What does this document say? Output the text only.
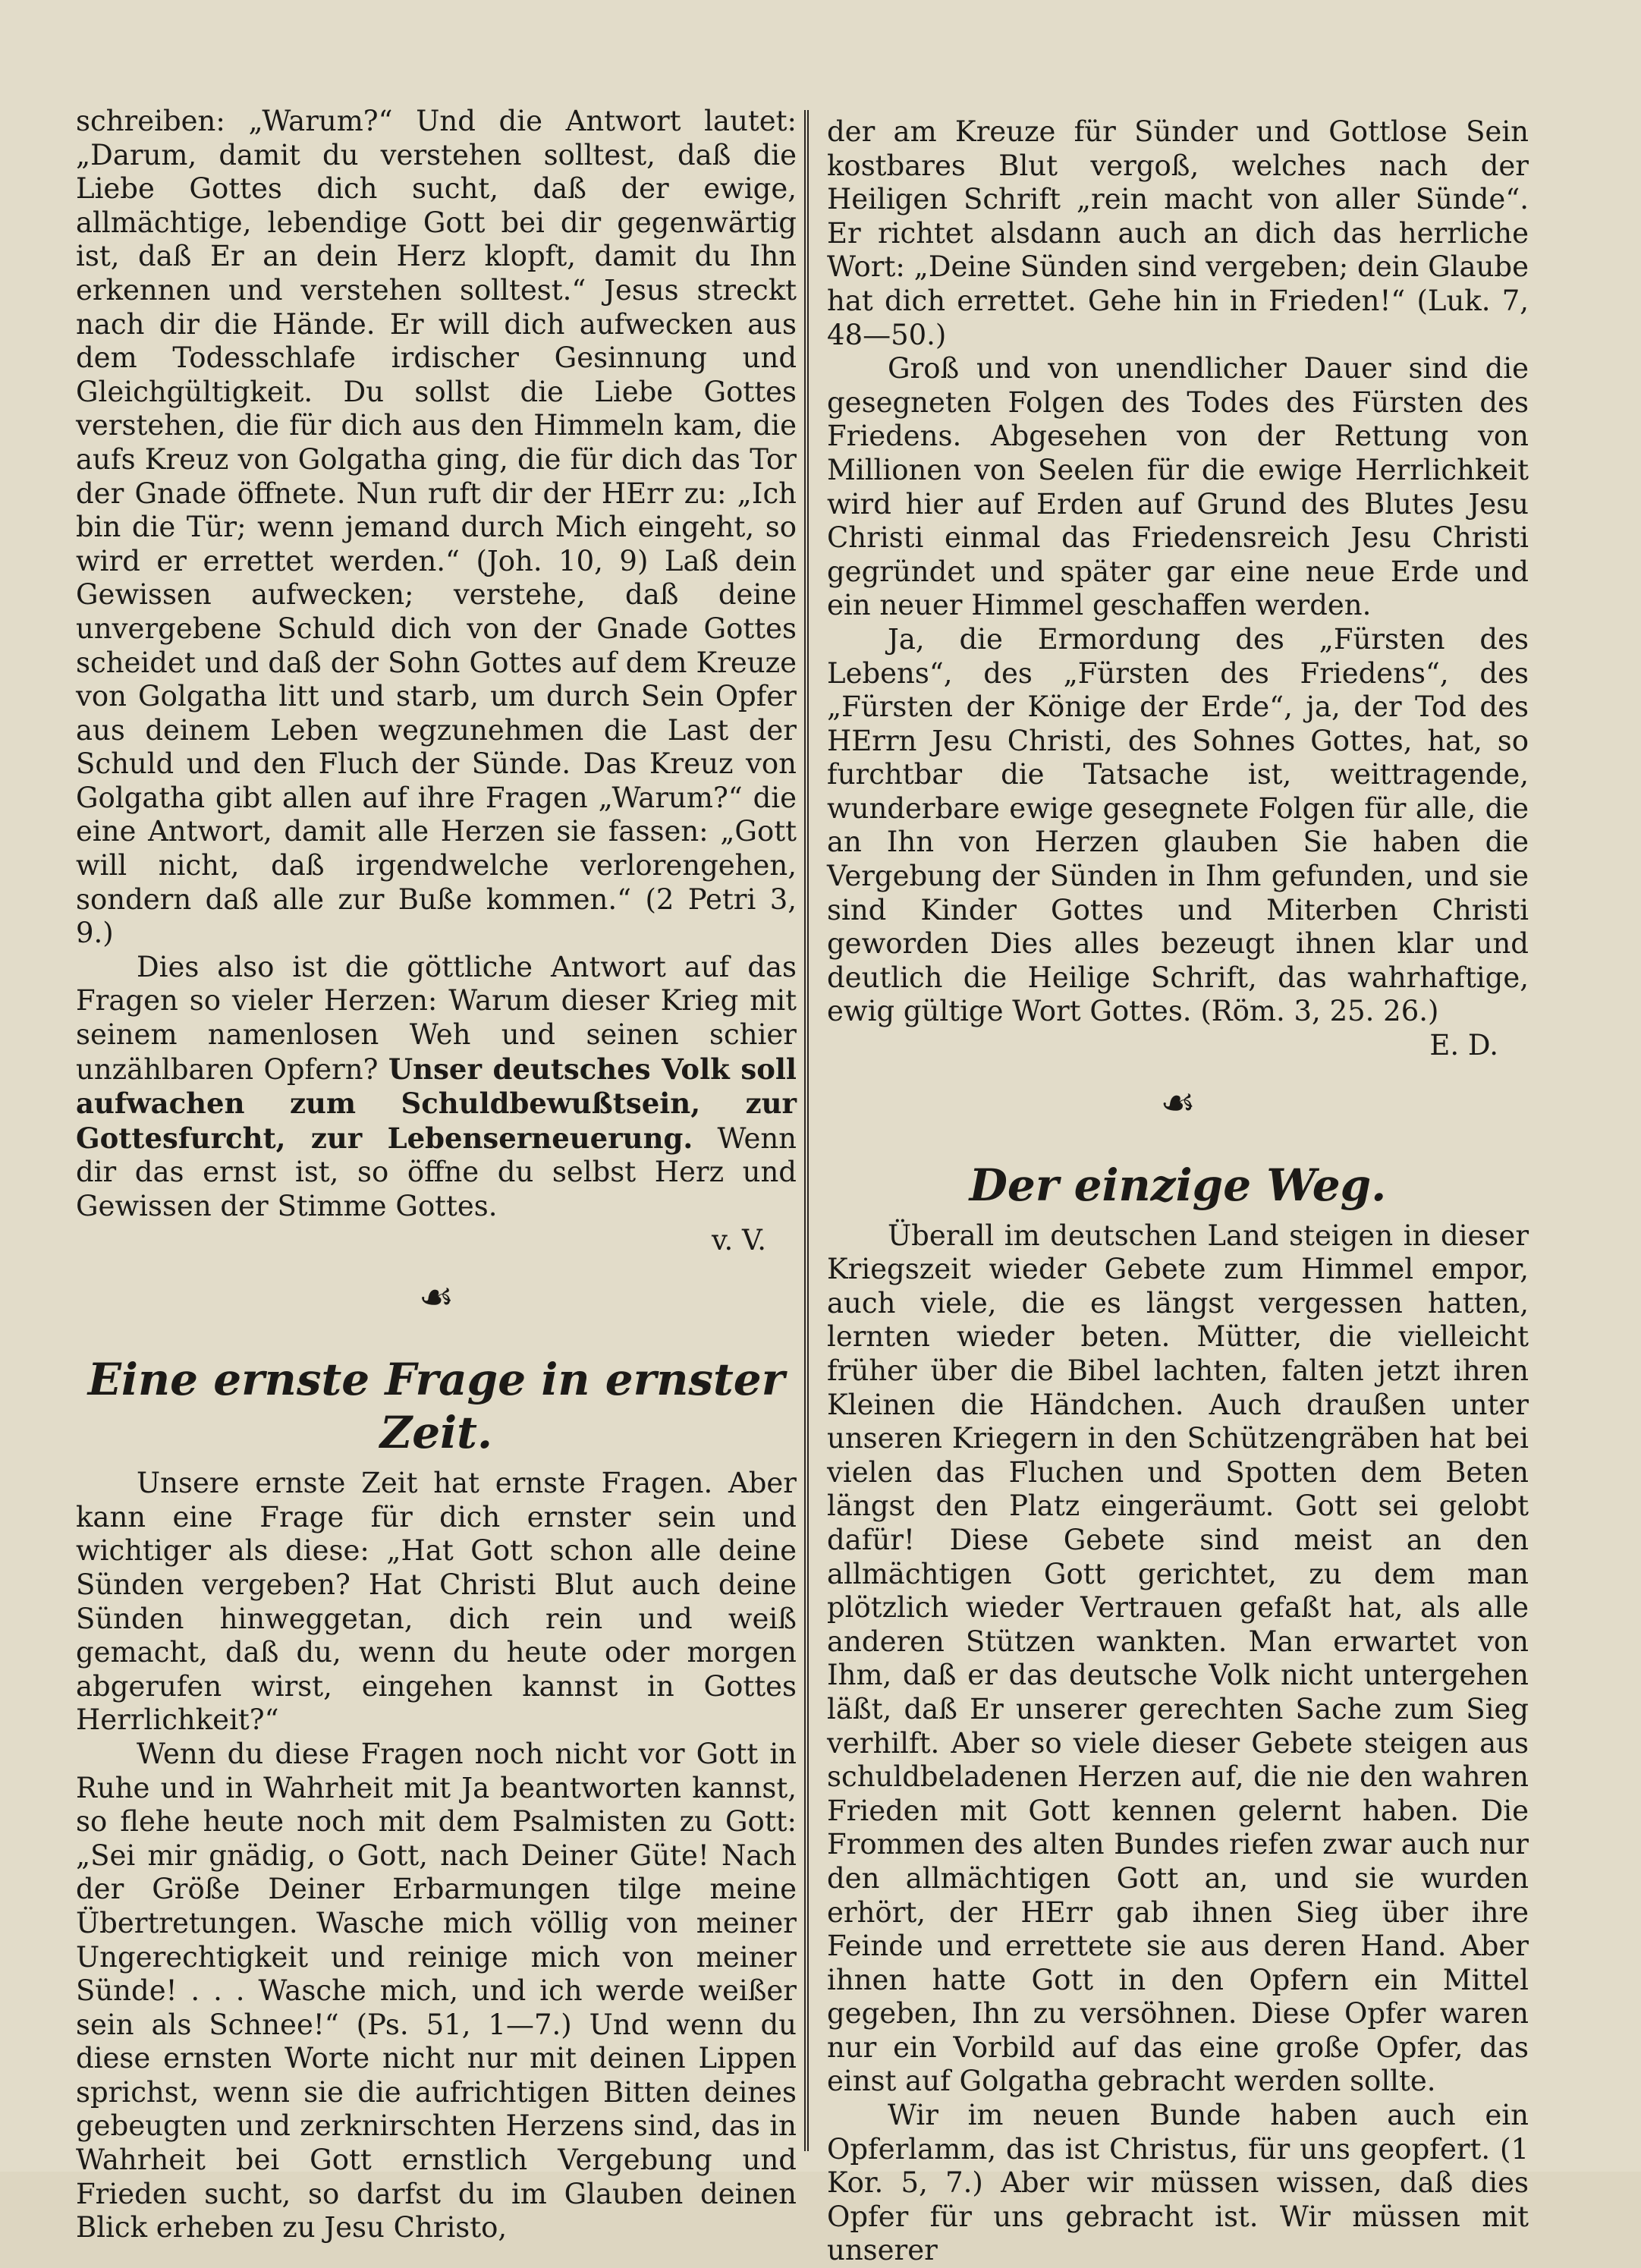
schreiben: „Warum?“ Und die Antwort lautet: „Darum, damit du verstehen solltest, daß die Liebe Gottes dich sucht, daß der ewige, allmächtige, lebendige Gott bei dir gegenwärtig ist, daß Er an dein Herz klopft, damit du Ihn erkennen und verstehen solltest.“ Jesus streckt nach dir die Hände. Er will dich aufwecken aus dem Todesschlafe irdischer Gesinnung und Gleichgültigkeit. Du sollst die Liebe Gottes verstehen, die für dich aus den Himmeln kam, die aufs Kreuz von Golgatha ging, die für dich das Tor der Gnade öffnete. Nun ruft dir der HErr zu: „Ich bin die Tür; wenn jemand durch Mich eingeht, so wird er errettet werden.“ (Joh. 10, 9) Laß dein Gewissen aufwecken; verstehe, daß deine unvergebene Schuld dich von der Gnade Gottes scheidet und daß der Sohn Gottes auf dem Kreuze von Golgatha litt und starb, um durch Sein Opfer aus deinem Leben wegzunehmen die Last der Schuld und den Fluch der Sünde. Das Kreuz von Golgatha gibt allen auf ihre Fragen „Warum?“ die eine Antwort, damit alle Herzen sie fassen: „Gott will nicht, daß irgendwelche verlorengehen, sondern daß alle zur Buße kommen.“ (2 Petri 3, 9.)

Dies also ist die göttliche Antwort auf das Fragen so vieler Herzen: Warum dieser Krieg mit seinem namenlosen Weh und seinen schier unzählbaren Opfern? Unser deutsches Volk soll aufwachen zum Schuldbewußtsein, zur Gottesfurcht, zur Lebenserneuerung. Wenn dir das ernst ist, so öffne du selbst Herz und Gewissen der Stimme Gottes.

v. V.

☙
Eine ernste Frage in ernster Zeit.

Unsere ernste Zeit hat ernste Fragen. Aber kann eine Frage für dich ernster sein und wichtiger als diese: „Hat Gott schon alle deine Sünden vergeben? Hat Christi Blut auch deine Sünden hinweggetan, dich rein und weiß gemacht, daß du, wenn du heute oder morgen abgerufen wirst, eingehen kannst in Gottes Herrlichkeit?“

Wenn du diese Fragen noch nicht vor Gott in Ruhe und in Wahrheit mit Ja beantworten kannst, so flehe heute noch mit dem Psalmisten zu Gott: „Sei mir gnädig, o Gott, nach Deiner Güte! Nach der Größe Deiner Erbarmungen tilge meine Übertretungen. Wasche mich völlig von meiner Ungerechtigkeit und reinige mich von meiner Sünde! . . . Wasche mich, und ich werde weißer sein als Schnee!“ (Ps. 51, 1—7.) Und wenn du diese ernsten Worte nicht nur mit deinen Lippen sprichst, wenn sie die aufrichtigen Bitten deines gebeugten und zerknirschten Herzens sind, das in Wahrheit bei Gott ernstlich Vergebung und Frieden sucht, so darfst du im Glauben deinen Blick erheben zu Jesu Christo,

der am Kreuze für Sünder und Gottlose Sein kostbares Blut vergoß, welches nach der Heiligen Schrift „rein macht von aller Sünde“. Er richtet alsdann auch an dich das herrliche Wort: „Deine Sünden sind vergeben; dein Glaube hat dich errettet. Gehe hin in Frieden!“ (Luk. 7, 48—50.)

Groß und von unendlicher Dauer sind die gesegneten Folgen des Todes des Fürsten des Friedens. Abgesehen von der Rettung von Millionen von Seelen für die ewige Herrlichkeit wird hier auf Erden auf Grund des Blutes Jesu Christi einmal das Friedensreich Jesu Christi gegründet und später gar eine neue Erde und ein neuer Himmel geschaffen werden.

Ja, die Ermordung des „Fürsten des Lebens“, des „Fürsten des Friedens“, des „Fürsten der Könige der Erde“, ja, der Tod des HErrn Jesu Christi, des Sohnes Gottes, hat, so furchtbar die Tatsache ist, weittragende, wunderbare ewige gesegnete Folgen für alle, die an Ihn von Herzen glauben Sie haben die Vergebung der Sünden in Ihm gefunden, und sie sind Kinder Gottes und Miterben Christi geworden Dies alles bezeugt ihnen klar und deutlich die Heilige Schrift, das wahrhaftige, ewig gültige Wort Gottes. (Röm. 3, 25. 26.)

E. D.

☙
Der einzige Weg.

Überall im deutschen Land steigen in dieser Kriegszeit wieder Gebete zum Himmel empor, auch viele, die es längst vergessen hatten, lernten wieder beten. Mütter, die vielleicht früher über die Bibel lachten, falten jetzt ihren Kleinen die Händchen. Auch draußen unter unseren Kriegern in den Schützengräben hat bei vielen das Fluchen und Spotten dem Beten längst den Platz eingeräumt. Gott sei gelobt dafür! Diese Gebete sind meist an den allmächtigen Gott gerichtet, zu dem man plötzlich wieder Vertrauen gefaßt hat, als alle anderen Stützen wankten. Man erwartet von Ihm, daß er das deutsche Volk nicht untergehen läßt, daß Er unserer gerechten Sache zum Sieg verhilft. Aber so viele dieser Gebete steigen aus schuldbeladenen Herzen auf, die nie den wahren Frieden mit Gott kennen gelernt haben. Die Frommen des alten Bundes riefen zwar auch nur den allmächtigen Gott an, und sie wurden erhört, der HErr gab ihnen Sieg über ihre Feinde und errettete sie aus deren Hand. Aber ihnen hatte Gott in den Opfern ein Mittel gegeben, Ihn zu versöhnen. Diese Opfer waren nur ein Vorbild auf das eine große Opfer, das einst auf Golgatha gebracht werden sollte.

Wir im neuen Bunde haben auch ein Opferlamm, das ist Christus, für uns geopfert. (1 Kor. 5, 7.) Aber wir müssen wissen, daß dies Opfer für uns gebracht ist. Wir müssen mit unserer
